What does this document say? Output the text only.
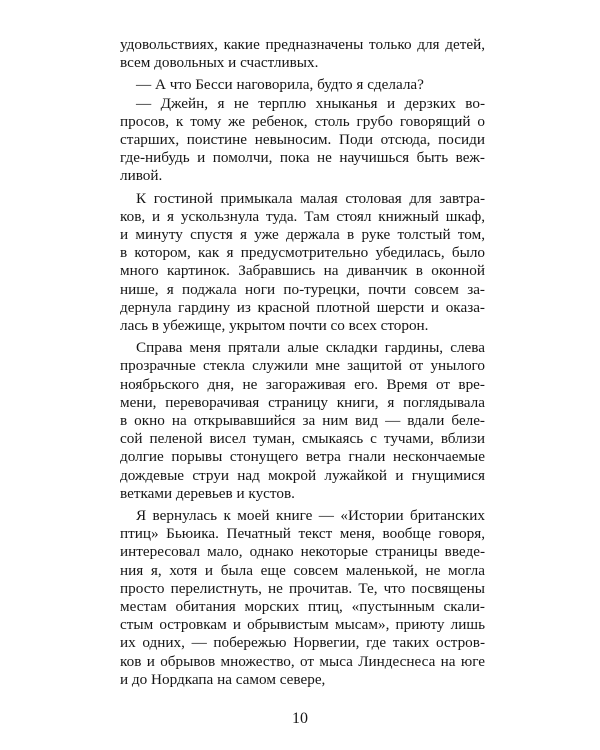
удовольствиях, какие предназначены только для детей,
всем довольных и счастливых.
— А что Бесси наговорила, будто я сделала?
— Джейн, я не терплю хныканья и дерзких во-
просов, к тому же ребенок, столь грубо говорящий о
старших, поистине невыносим. Поди отсюда, посиди
где-нибудь и помолчи, пока не научишься быть веж-
ливой.
К гостиной примыкала малая столовая для завтра-
ков, и я ускользнула туда. Там стоял книжный шкаф,
и минуту спустя я уже держала в руке толстый том,
в котором, как я предусмотрительно убедилась, было
много картинок. Забравшись на диванчик в оконной
нише, я поджала ноги по-турецки, почти совсем за-
дернула гардину из красной плотной шерсти и оказа-
лась в убежище, укрытом почти со всех сторон.
Справа меня прятали алые складки гардины, слева
прозрачные стекла служили мне защитой от унылого
ноябрьского дня, не загораживая его. Время от вре-
мени, переворачивая страницу книги, я поглядывала
в окно на открывавшийся за ним вид — вдали беле-
сой пеленой висел туман, смыкаясь с тучами, вблизи
долгие порывы стонущего ветра гнали нескончаемые
дождевые струи над мокрой лужайкой и гнущимися
ветками деревьев и кустов.
Я вернулась к моей книге — «Истории британских
птиц» Бьюика. Печатный текст меня, вообще говоря,
интересовал мало, однако некоторые страницы введе-
ния я, хотя и была еще совсем маленькой, не могла
просто перелистнуть, не прочитав. Те, что посвящены
местам обитания морских птиц, «пустынным скали-
стым островкам и обрывистым мысам», приюту лишь
их одних, — побережью Норвегии, где таких остров-
ков и обрывов множество, от мыса Линдеснеса на юге
и до Нордкапа на самом севере,
10
